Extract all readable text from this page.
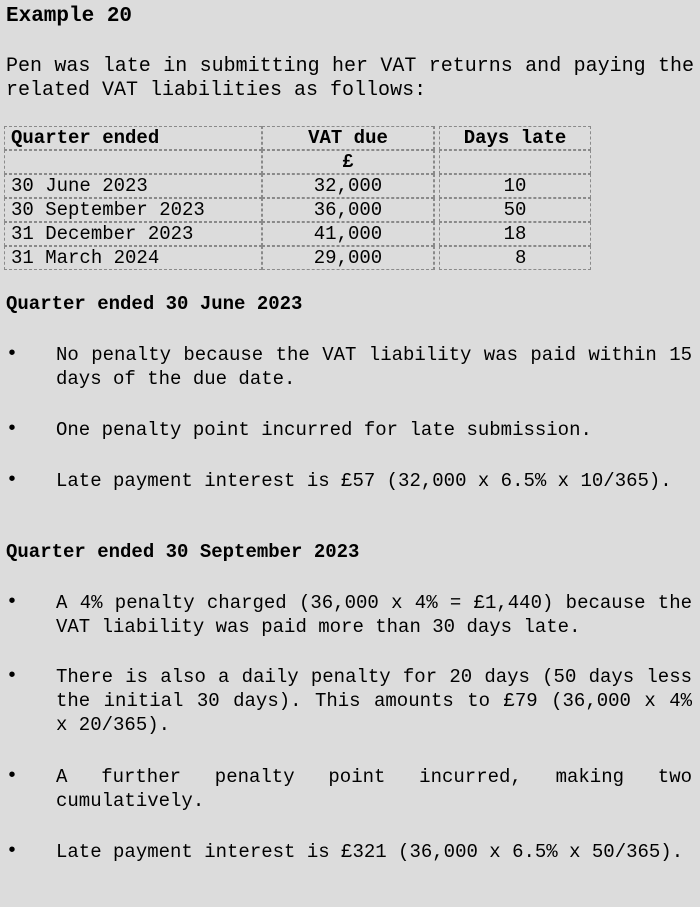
Example 20
Pen was late in submitting her VAT returns and paying the related VAT liabilities as follows:
Quarter ended	VAT due		Days late
	£		
30 June 2023	32,000		10
30 September 2023	36,000		50
31 December 2023	41,000		18
31 March 2024	29,000		8
Quarter ended 30 June 2023
•	No penalty because the VAT liability was paid within 15 days of the due date.
•	One penalty point incurred for late submission.
•	Late payment interest is £57 (32,000 x 6.5% x 10/365).
Quarter ended 30 September 2023
•	A 4% penalty charged (36,000 x 4% = £1,440) because the VAT liability was paid more than 30 days late.
•	There is also a daily penalty for 20 days (50 days less the initial 30 days). This amounts to £79 (36,000 x 4% x 20/365).
•	A further penalty point incurred, making two cumulatively.
•	Late payment interest is £321 (36,000 x 6.5% x 50/365).
